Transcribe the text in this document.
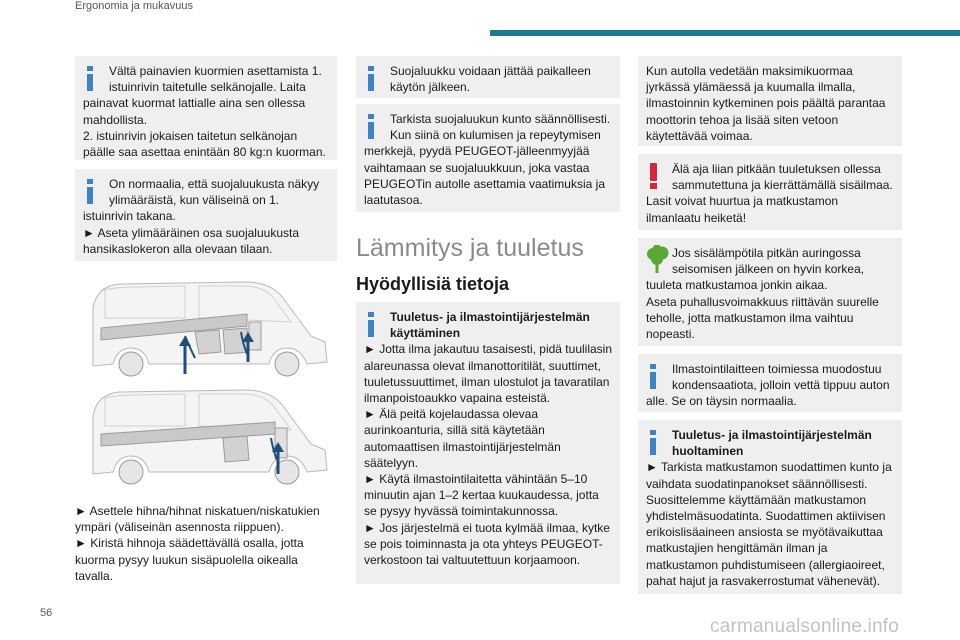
Ergonomia ja mukavuus

Vältä painavien kuormien asettamista 1. istuinrivin taitetulle selkänojalle. Laita painavat kuormat lattialle aina sen ollessa mahdollista.

2. istuinrivin jokaisen taitetun selkänojan päälle saa asettaa enintään 80 kg:n kuorman.

On normaalia, että suojaluukusta näkyy ylimääräistä, kun väliseinä on 1. istuinrivin takana.

► Aseta ylimääräinen osa suojaluukusta hansikaslokeron alla olevaan tilaan.

► Asettele hihna/hihnat niskatuen/niskatukien ympäri (väliseinän asennosta riippuen).

► Kiristä hihnoja säädettävällä osalla, jotta kuorma pysyy luukun sisäpuolella oikealla tavalla.

Suojaluukku voidaan jättää paikalleen käytön jälkeen.

Tarkista suojaluukun kunto säännöllisesti. Kun siinä on kulumisen ja repeytymisen merkkejä, pyydä PEUGEOT-jälleenmyyjää vaihtamaan se suojaluukkuun, joka vastaa PEUGEOTin autolle asettamia vaatimuksia ja laatutasoa.

Lämmitys ja tuuletus
Hyödyllisiä tietoja

Tuuletus- ja ilmastointijärjestelmän käyttäminen

► Jotta ilma jakautuu tasaisesti, pidä tuulilasin alareunassa olevat ilmanottoritilät, suuttimet, tuuletussuuttimet, ilman ulostulot ja tavaratilan ilmanpoistoaukko vapaina esteistä.

► Älä peitä kojelaudassa olevaa aurinkoanturia, sillä sitä käytetään automaattisen ilmastointijärjestelmän säätelyyn.

► Käytä ilmastointilaitetta vähintään 5–10 minuutin ajan 1–2 kertaa kuukaudessa, jotta se pysyy hyvässä toimintakunnossa.

► Jos järjestelmä ei tuota kylmää ilmaa, kytke se pois toiminnasta ja ota yhteys PEUGEOT-verkostoon tai valtuutettuun korjaamoon.

Kun autolla vedetään maksimikuormaa jyrkässä ylämäessä ja kuumalla ilmalla, ilmastoinnin kytkeminen pois päältä parantaa moottorin tehoa ja lisää siten vetoon käytettävää voimaa.

Älä aja liian pitkään tuuletuksen ollessa sammutettuna ja kierrättämällä sisäilmaa. Lasit voivat huurtua ja matkustamon ilmanlaatu heiketä!

Jos sisälämpötila pitkän auringossa seisomisen jälkeen on hyvin korkea, tuuleta matkustamoa jonkin aikaa.

Aseta puhallusvoimakkuus riittävän suurelle teholle, jotta matkustamon ilma vaihtuu nopeasti.

Ilmastointilaitteen toimiessa muodostuu kondensaatiota, jolloin vettä tippuu auton alle. Se on täysin normaalia.

Tuuletus- ja ilmastointijärjestelmän huoltaminen

► Tarkista matkustamon suodattimen kunto ja vaihdata suodatinpanokset säännöllisesti.

Suosittelemme käyttämään matkustamon yhdistelmäsuodatinta. Suodattimen aktiivisen erikoislisäaineen ansiosta se myötävaikuttaa matkustajien hengittämän ilman ja matkustamon puhdistumiseen (allergiaoireet, pahat hajut ja rasvakerrostumat vähenevät).

56
carmanualsonline.info
